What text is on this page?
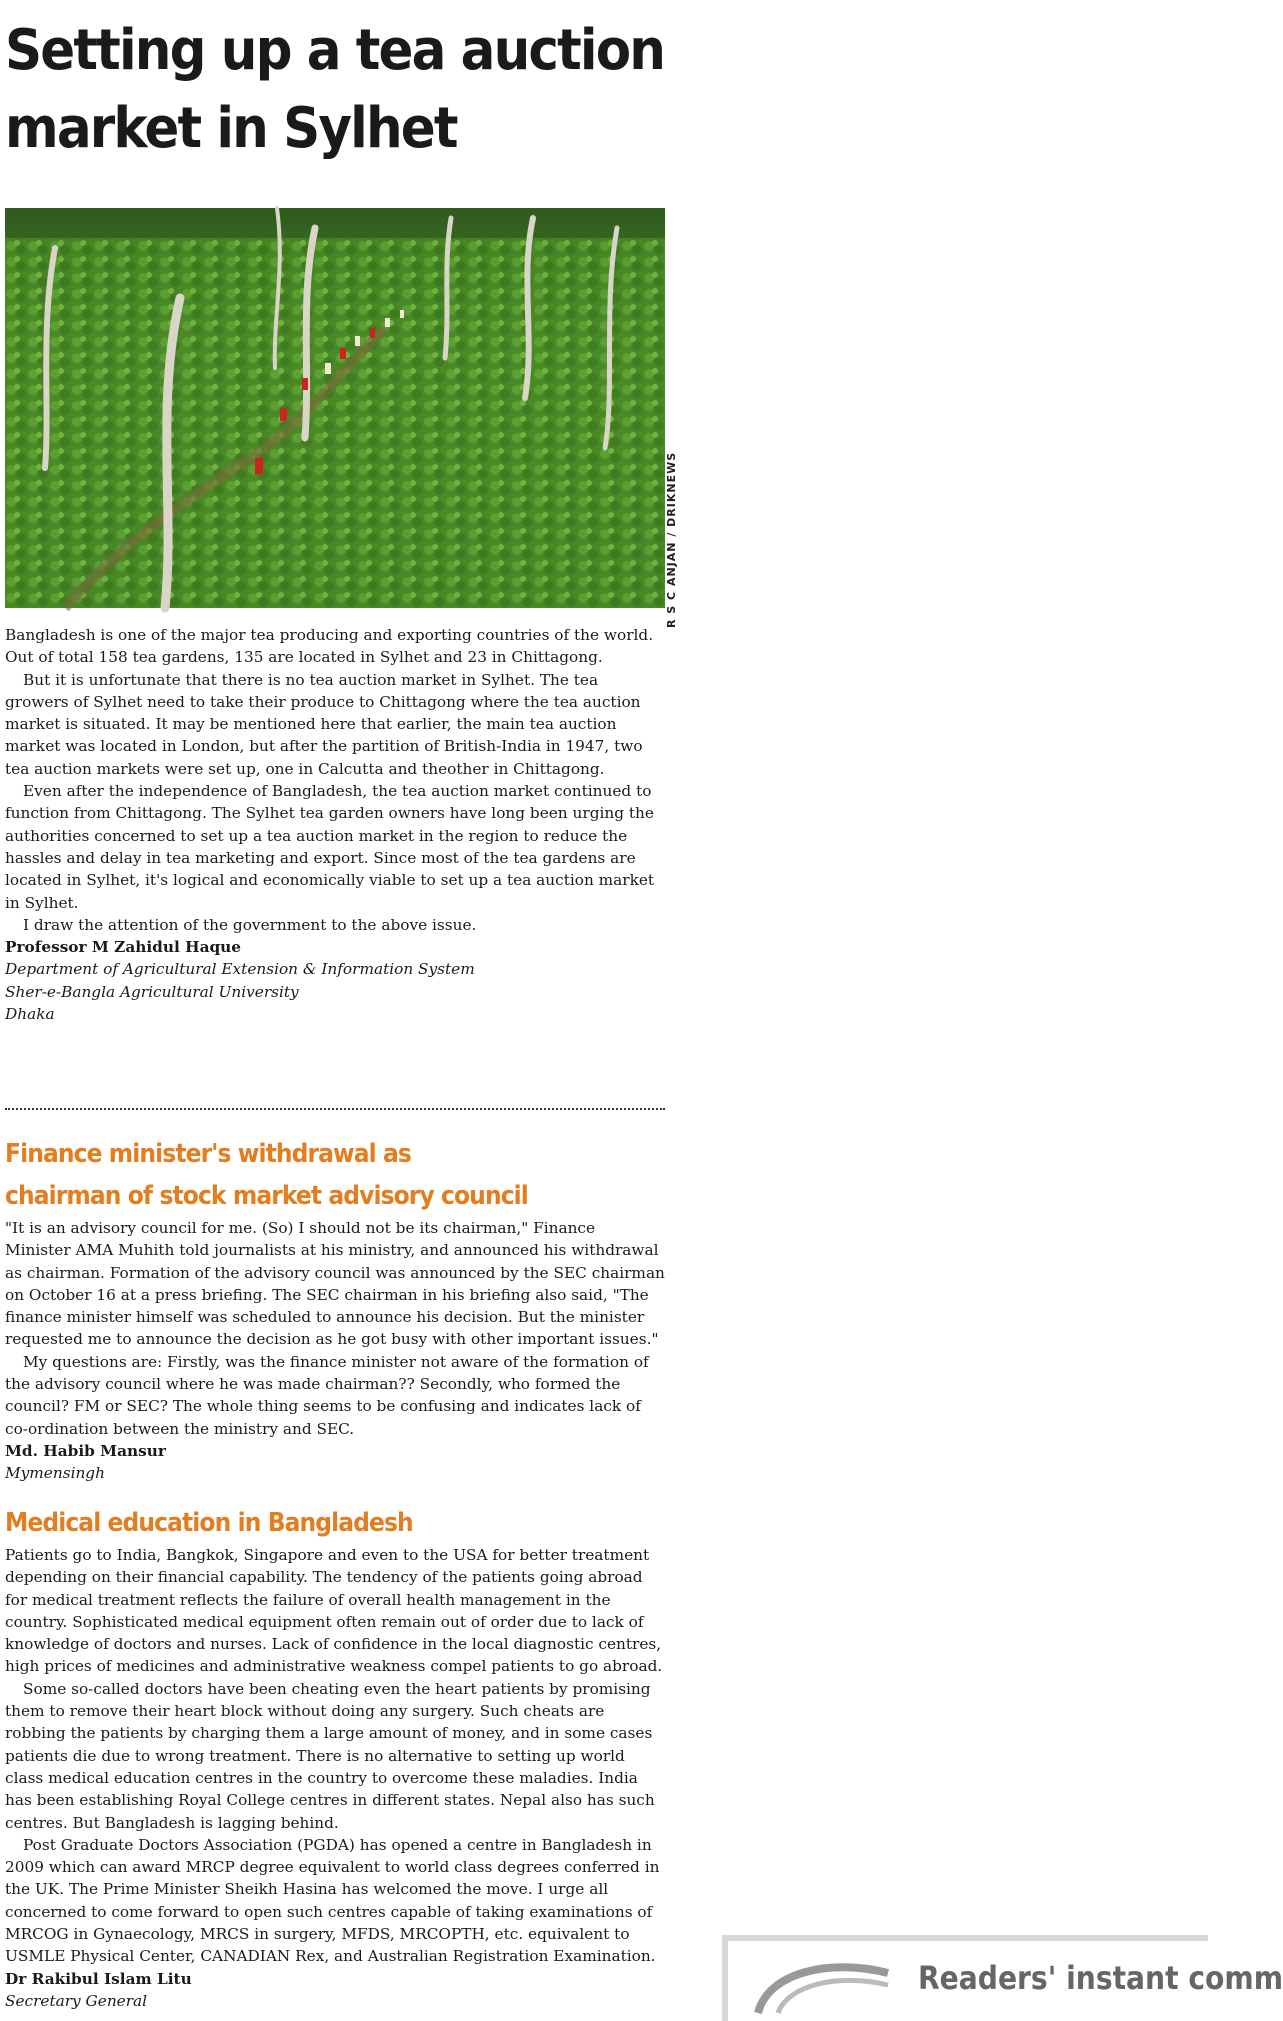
Setting up a tea auction
market in Sylhet
R S C ANJAN / DRIKNEWS

Bangladesh is one of the major tea producing and exporting countries of the world. Out of total 158 tea gardens, 135 are located in Sylhet and 23 in Chittagong.

But it is unfortunate that there is no tea auction market in Sylhet. The tea growers of Sylhet need to take their produce to Chittagong where the tea auction market is situated. It may be mentioned here that earlier, the main tea auction market was located in London, but after the partition of British-India in 1947, two tea auction markets were set up, one in Calcutta and theother in Chittagong.

Even after the independence of Bangladesh, the tea auction market continued to function from Chittagong. The Sylhet tea garden owners have long been urging the authorities concerned to set up a tea auction market in the region to reduce the hassles and delay in tea marketing and export. Since most of the tea gardens are located in Sylhet, it's logical and economically viable to set up a tea auction market in Sylhet.

I draw the attention of the government to the above issue.

Professor M Zahidul Haque
Department of Agricultural Extension & Information System
Sher-e-Bangla Agricultural University
Dhaka
Finance minister's withdrawal as
chairman of stock market advisory council

"It is an advisory council for me. (So) I should not be its chairman," Finance Minister AMA Muhith told journalists at his ministry, and announced his withdrawal as chairman. Formation of the advisory council was announced by the SEC chairman on October 16 at a press briefing. The SEC chairman in his briefing also said, "The finance minister himself was scheduled to announce his decision. But the minister requested me to announce the decision as he got busy with other important issues."

My questions are: Firstly, was the finance minister not aware of the formation of the advisory council where he was made chairman?? Secondly, who formed the council? FM or SEC? The whole thing seems to be confusing and indicates lack of co-ordination between the ministry and SEC.

Md. Habib Mansur
Mymensingh
Medical education in Bangladesh

Patients go to India, Bangkok, Singapore and even to the USA for better treatment depending on their financial capability. The tendency of the patients going abroad for medical treatment reflects the failure of overall health management in the country. Sophisticated medical equipment often remain out of order due to lack of knowledge of doctors and nurses. Lack of confidence in the local diagnostic centres, high prices of medicines and administrative weakness compel patients to go abroad.

Some so-called doctors have been cheating even the heart patients by promising them to remove their heart block without doing any surgery. Such cheats are robbing the patients by charging them a large amount of money, and in some cases patients die due to wrong treatment. There is no alternative to setting up world class medical education centres in the country to overcome these maladies. India has been establishing Royal College centres in different states. Nepal also has such centres. But Bangladesh is lagging behind.

Post Graduate Doctors Association (PGDA) has opened a centre in Bangladesh in 2009 which can award MRCP degree equivalent to world class degrees conferred in the UK. The Prime Minister Sheikh Hasina has welcomed the move. I urge all concerned to come forward to open such centres capable of taking examinations of MRCOG in Gynaecology, MRCS in surgery, MFDS, MRCOPTH, etc. equivalent to USMLE Physical Center, CANADIAN Rex, and Australian Registration Examination.

Dr Rakibul Islam Litu
Secretary General

Readers' instant comm
